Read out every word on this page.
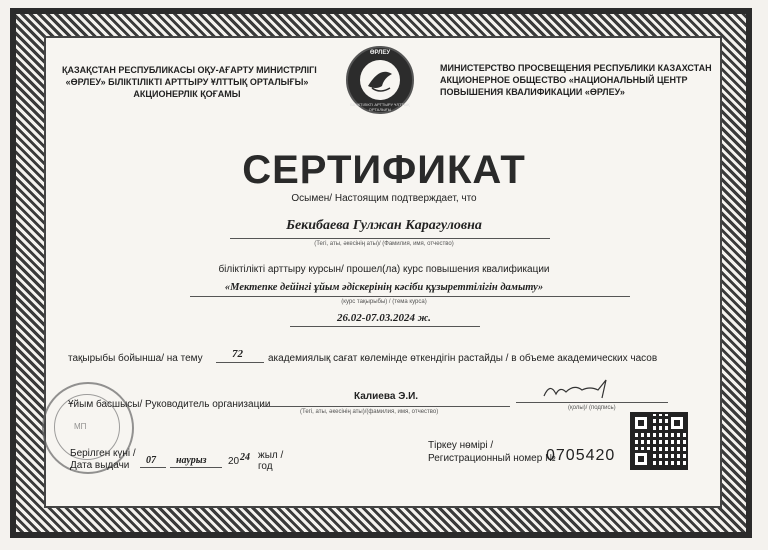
ҚАЗАҚСТАН РЕСПУБЛИКАСЫ ОҚУ-АҒАРТУ МИНИСТРЛІГІ
«ӨРЛЕУ» БІЛІКТІЛІКТІ АРТТЫРУ ҰЛТТЫҚ ОРТАЛЫҒЫ»
АКЦИОНЕРЛІК ҚОҒАМЫ
ӨРЛЕУ
БІЛІКТІЛІКТІ АРТТЫРУ ҰЛТТЫҚ ОРТАЛЫҒЫ
МИНИСТЕРСТВО ПРОСВЕЩЕНИЯ РЕСПУБЛИКИ КАЗАХСТАН
АКЦИОНЕРНОЕ ОБЩЕСТВО «НАЦИОНАЛЬНЫЙ ЦЕНТР
ПОВЫШЕНИЯ КВАЛИФИКАЦИИ «ӨРЛЕУ»
СЕРТИФИКАТ
Осымен/ Настоящим подтверждает, что
Бекибаева Гулжан Карагуловна
(Тегі, аты, әкесінің аты)/ (Фамилия, имя, отчество)
біліктілікті арттыру курсын/ прошел(ла) курс повышения квалификации
«Мектепке дейінгі ұйым әдіскерінің кәсіби құзыреттілігін дамыту»
(курс тақырыбы) / (тема курса)
26.02-07.03.2024 ж.
тақырыбы бойынша/ на тему	72	академиялық сағат көлемінде өткендігін растайды / в объеме академических часов
МП
Ұйым басшысы/ Руководитель организации
Калиева Э.И.
(Тегі, аты, әкесінің аты)/(фамилия, имя, отчество)
(қолы)/ (подпись)
Берілген күні /
Дата выдачи 07 наурыз 20 24 жыл / год
Тіркеу нөмірі /
Регистрационный номер №
0705420
